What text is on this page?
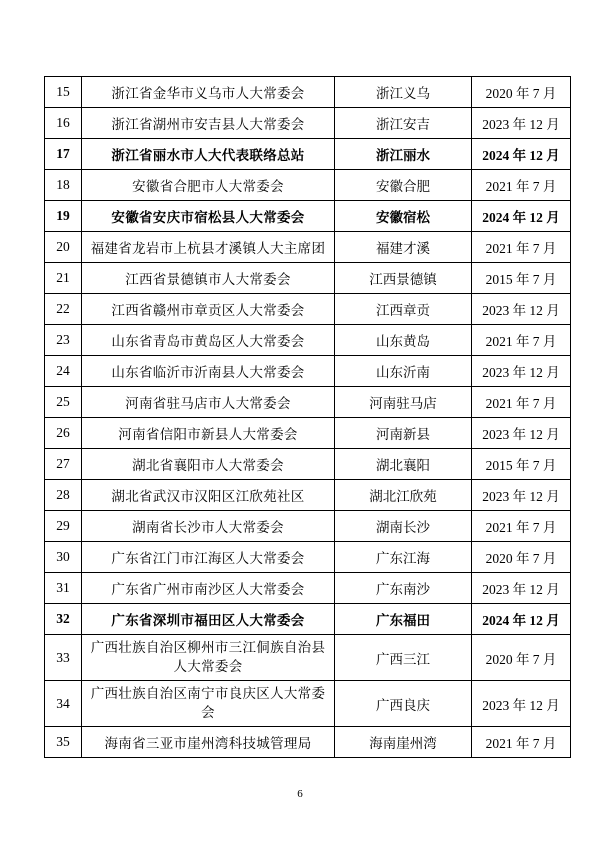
15	浙江省金华市义乌市人大常委会	浙江义乌	2020 年 7 月
16	浙江省湖州市安吉县人大常委会	浙江安吉	2023 年 12 月
17	浙江省丽水市人大代表联络总站	浙江丽水	2024 年 12 月
18	安徽省合肥市人大常委会	安徽合肥	2021 年 7 月
19	安徽省安庆市宿松县人大常委会	安徽宿松	2024 年 12 月
20	福建省龙岩市上杭县才溪镇人大主席团	福建才溪	2021 年 7 月
21	江西省景德镇市人大常委会	江西景德镇	2015 年 7 月
22	江西省赣州市章贡区人大常委会	江西章贡	2023 年 12 月
23	山东省青岛市黄岛区人大常委会	山东黄岛	2021 年 7 月
24	山东省临沂市沂南县人大常委会	山东沂南	2023 年 12 月
25	河南省驻马店市人大常委会	河南驻马店	2021 年 7 月
26	河南省信阳市新县人大常委会	河南新县	2023 年 12 月
27	湖北省襄阳市人大常委会	湖北襄阳	2015 年 7 月
28	湖北省武汉市汉阳区江欣苑社区	湖北江欣苑	2023 年 12 月
29	湖南省长沙市人大常委会	湖南长沙	2021 年 7 月
30	广东省江门市江海区人大常委会	广东江海	2020 年 7 月
31	广东省广州市南沙区人大常委会	广东南沙	2023 年 12 月
32	广东省深圳市福田区人大常委会	广东福田	2024 年 12 月
33	广西壮族自治区柳州市三江侗族自治县人大常委会	广西三江	2020 年 7 月
34	广西壮族自治区南宁市良庆区人大常委会	广西良庆	2023 年 12 月
35	海南省三亚市崖州湾科技城管理局	海南崖州湾	2021 年 7 月
6
